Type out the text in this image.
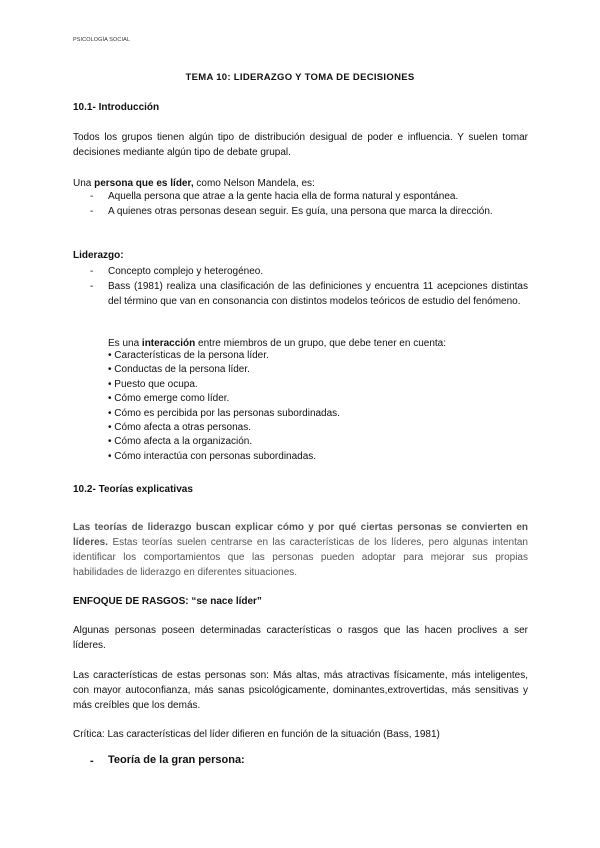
PSICOLOGÍA SOCIAL
TEMA 10: LIDERAZGO Y TOMA DE DECISIONES
10.1- Introducción
Todos los grupos tienen algún tipo de distribución desigual de poder e influencia. Y suelen tomar decisiones mediante algún tipo de debate grupal.
Una persona que es líder, como Nelson Mandela, es:
- Aquella persona que atrae a la gente hacia ella de forma natural y espontánea.
- A quienes otras personas desean seguir. Es guía, una persona que marca la dirección.
Liderazgo:
- Concepto complejo y heterogéneo.
- Bass (1981) realiza una clasificación de las definiciones y encuentra 11 acepciones distintas del término que van en consonancia con distintos modelos teóricos de estudio del fenómeno.
Es una interacción entre miembros de un grupo, que debe tener en cuenta:
• Características de la persona líder.
• Conductas de la persona líder.
• Puesto que ocupa.
• Cómo emerge como líder.
• Cómo es percibida por las personas subordinadas.
• Cómo afecta a otras personas.
• Cómo afecta a la organización.
• Cómo interactúa con personas subordinadas.
10.2- Teorías explicativas
Las teorías de liderazgo buscan explicar cómo y por qué ciertas personas se convierten en líderes. Estas teorías suelen centrarse en las características de los líderes, pero algunas intentan identificar los comportamientos que las personas pueden adoptar para mejorar sus propias habilidades de liderazgo en diferentes situaciones.
ENFOQUE DE RASGOS: “se nace líder”
Algunas personas poseen determinadas características o rasgos que las hacen proclives a ser líderes.
Las características de estas personas son: Más altas, más atractivas físicamente, más inteligentes, con mayor autoconfianza, más sanas psicológicamente, dominantes,extrovertidas, más sensitivas y más creíbles que los demás.
Crítica: Las características del líder difieren en función de la situación (Bass, 1981)
- Teoría de la gran persona:
